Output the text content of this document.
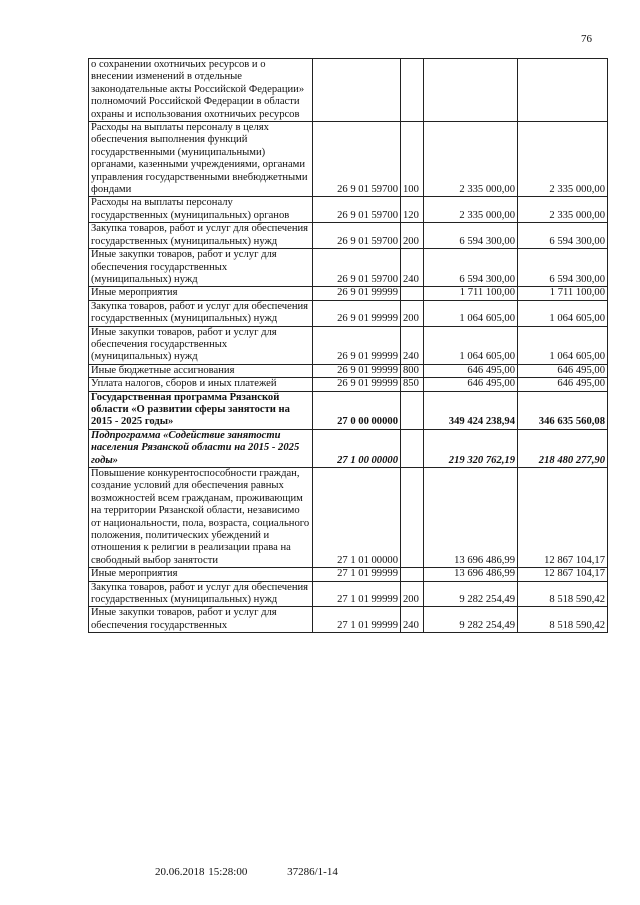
76
о сохранении охотничьих ресурсов и о внесении изменений в отдельные законодательные акты Российской Федерации» полномочий Российской Федерации в области охраны и использования охотничьих ресурсов				
Расходы на выплаты персоналу в целях обеспечения выполнения функций государственными (муниципальными) органами, казенными учреждениями, органами управления государственными внебюджетными фондами	26 9 01 59700	100	2 335 000,00	2 335 000,00
Расходы на выплаты персоналу государственных (муниципальных) органов	26 9 01 59700	120	2 335 000,00	2 335 000,00
Закупка товаров, работ и услуг для обеспечения государственных (муниципальных) нужд	26 9 01 59700	200	6 594 300,00	6 594 300,00
Иные закупки товаров, работ и услуг для обеспечения государственных (муниципальных) нужд	26 9 01 59700	240	6 594 300,00	6 594 300,00
Иные мероприятия	26 9 01 99999		1 711 100,00	1 711 100,00
Закупка товаров, работ и услуг для обеспечения государственных (муниципальных) нужд	26 9 01 99999	200	1 064 605,00	1 064 605,00
Иные закупки товаров, работ и услуг для обеспечения государственных (муниципальных) нужд	26 9 01 99999	240	1 064 605,00	1 064 605,00
Иные бюджетные ассигнования	26 9 01 99999	800	646 495,00	646 495,00
Уплата налогов, сборов и иных платежей	26 9 01 99999	850	646 495,00	646 495,00
Государственная программа Рязанской области «О развитии сферы занятости на 2015 - 2025 годы»	27 0 00 00000		349 424 238,94	346 635 560,08
Подпрограмма «Содействие занятости населения Рязанской области на 2015 - 2025 годы»	27 1 00 00000		219 320 762,19	218 480 277,90
Повышение конкурентоспособности граждан, создание условий для обеспечения равных возможностей всем гражданам, проживающим на территории Рязанской области, независимо от национальности, пола, возраста, социального положения, политических убеждений и отношения к религии в реализации права на свободный выбор занятости	27 1 01 00000		13 696 486,99	12 867 104,17
Иные мероприятия	27 1 01 99999		13 696 486,99	12 867 104,17
Закупка товаров, работ и услуг для обеспечения государственных (муниципальных) нужд	27 1 01 99999	200	9 282 254,49	8 518 590,42
Иные закупки товаров, работ и услуг для обеспечения государственных	27 1 01 99999	240	9 282 254,49	8 518 590,42
20.06.2018 15:28:00	37286/1-14
